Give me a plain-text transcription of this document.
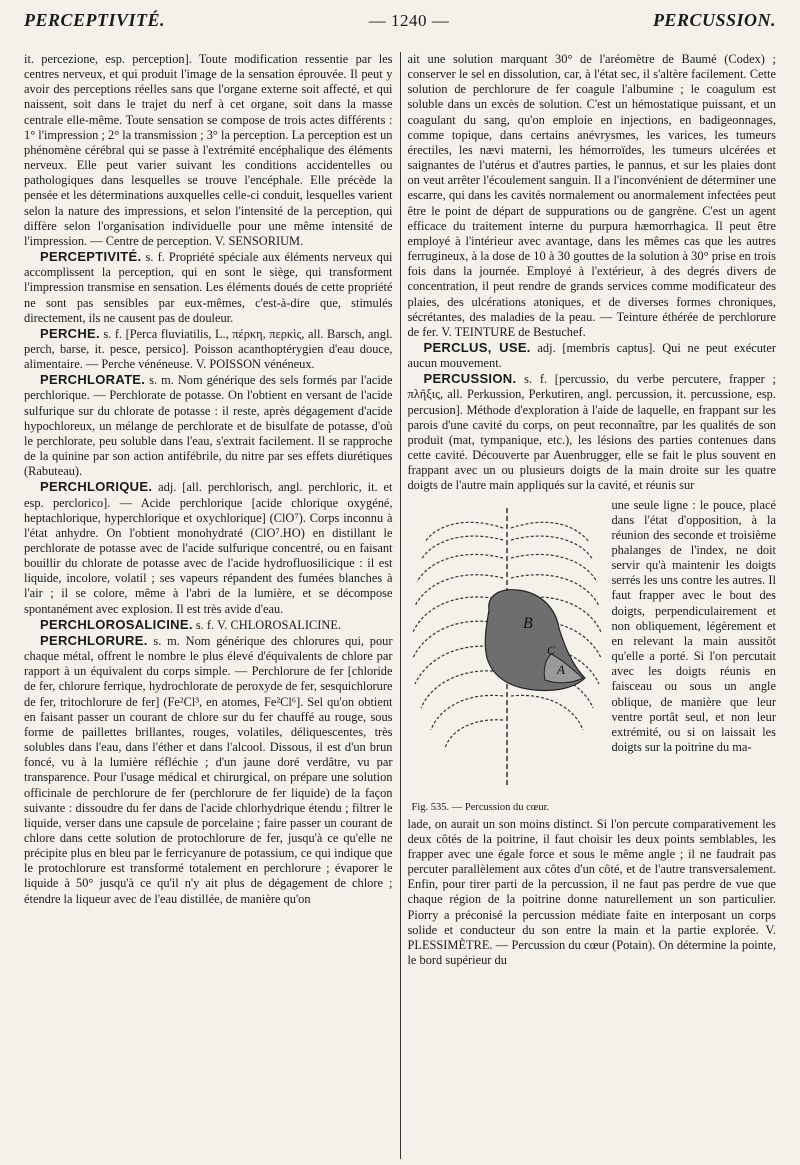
PERCEPTIVITÉ.	— 1240 —	PERCUSSION.

it. percezione, esp. perception]. Toute modification ressentie par les centres nerveux, et qui produit l'image de la sensation éprouvée. Il peut y avoir des perceptions réelles sans que l'organe externe soit affecté, et qui naissent, soit dans le trajet du nerf à cet organe, soit dans la masse centrale elle-même. Toute sensation se compose de trois actes différents : 1° l'impression ; 2° la transmission ; 3° la perception. La perception est un phénomène cérébral qui se passe à l'extrémité encéphalique des éléments nerveux. Elle peut varier suivant les conditions accidentelles ou pathologiques dans lesquelles se trouve l'encéphale. Elle précède la pensée et les déterminations auxquelles celle-ci conduit, lesquelles varient selon la nature des impressions, et selon l'intensité de la perception, qui diffère selon l'organisation individuelle pour une même intensité de l'impression. — Centre de perception. V. SENSORIUM.

PERCEPTIVITÉ. s. f. Propriété spéciale aux éléments nerveux qui accomplissent la perception, qui en sont le siège, qui transforment l'impression transmise en sensation. Les éléments doués de cette propriété ne sont pas sensibles par eux-mêmes, c'est-à-dire que, stimulés directement, ils ne causent pas de douleur.

PERCHE. s. f. [Perca fluviatilis, L., πέρκη, περκὶς, all. Barsch, angl. perch, barse, it. pesce, persico]. Poisson acanthoptérygien d'eau douce, alimentaire. — Perche vénéneuse. V. POISSON vénéneux.

PERCHLORATE. s. m. Nom générique des sels formés par l'acide perchlorique. — Perchlorate de potasse. On l'obtient en versant de l'acide sulfurique sur du chlorate de potasse : il reste, après dégagement d'acide hypochloreux, un mélange de perchlorate et de bisulfate de potasse, d'où le perchlorate, peu soluble dans l'eau, s'extrait facilement. Il se rapproche de la quinine par son action antifébrile, du nitre par ses effets diurétiques (Rabuteau).

PERCHLORIQUE. adj. [all. perchlorisch, angl. perchloric, it. et esp. perclorico]. — Acide perchlorique [acide chlorique oxygéné, heptachlorique, hyperchlorique et oxychlorique] (ClO⁷). Corps inconnu à l'état anhydre. On l'obtient monohydraté (ClO⁷.HO) en distillant le perchlorate de potasse avec de l'acide sulfurique concentré, ou en faisant bouillir du chlorate de potasse avec de l'acide hydrofluosilicique : il est liquide, incolore, volatil ; ses vapeurs répandent des fumées blanches à l'air ; il se colore, même à l'abri de la lumière, et se décompose spontanément avec explosion. Il est très avide d'eau.

PERCHLOROSALICINE. s. f. V. CHLOROSALICINE.

PERCHLORURE. s. m. Nom générique des chlorures qui, pour chaque métal, offrent le nombre le plus élevé d'équivalents de chlore par rapport à un équivalent du corps simple. — Perchlorure de fer [chloride de fer, chlorure ferrique, hydrochlorate de peroxyde de fer, sesquichlorure de fer, tritochlorure de fer] (Fe²Cl³, en atomes, Fe²Cl⁶]. Sel qu'on obtient en faisant passer un courant de chlore sur du fer chauffé au rouge, sous forme de paillettes brillantes, rouges, volatiles, déliquescentes, très solubles dans l'eau, dans l'éther et dans l'alcool. Dissous, il est d'un brun foncé, vu à la lumière réfléchie ; d'un jaune doré verdâtre, vu par transparence. Pour l'usage médical et chirurgical, on prépare une solution officinale de perchlorure de fer (perchlorure de fer liquide) de la façon suivante : dissoudre du fer dans de l'acide chlorhydrique étendu ; filtrer le liquide, verser dans une capsule de porcelaine ; faire passer un courant de chlore dans cette solution de protochlorure de fer, jusqu'à ce qu'elle ne précipite plus en bleu par le ferricyanure de potassium, ce qui indique que le protochlorure est transformé totalement en perchlorure ; évaporer le liquide à 50° jusqu'à ce qu'il n'y ait plus de dégagement de chlore ; étendre la liqueur avec de l'eau distillée, de manière qu'on

ait une solution marquant 30° de l'aréomètre de Baumé (Codex) ; conserver le sel en dissolution, car, à l'état sec, il s'altère facilement. Cette solution de perchlorure de fer coagule l'albumine ; le coagulum est soluble dans un excès de solution. C'est un hémostatique puissant, et un coagulant du sang, qu'on emploie en injections, en badigeonnages, comme topique, dans certains anévrysmes, les varices, les tumeurs érectiles, les nævi materni, les hémorroïdes, les tumeurs ulcérées et saignantes de l'utérus et d'autres parties, le pannus, et sur les plaies dont on veut arrêter l'écoulement sanguin. Il a l'inconvénient de déterminer une escarre, qui dans les cavités normalement ou anormalement infectées peut être le point de départ de suppurations ou de gangrène. C'est un agent efficace du traitement interne du purpura hæmorrhagica. Il peut être employé à l'intérieur avec avantage, dans les mêmes cas que les autres ferrugineux, à la dose de 10 à 30 gouttes de la solution à 30° prise en trois fois dans la journée. Employé à l'extérieur, à des degrés divers de concentration, il peut rendre de grands services comme modificateur des plaies, des ulcérations atoniques, et de diverses formes chroniques, sécrétantes, des maladies de la peau. — Teinture éthérée de perchlorure de fer. V. TEINTURE de Bestuchef.

PERCLUS, USE. adj. [membris captus]. Qui ne peut exécuter aucun mouvement.

PERCUSSION. s. f. [percussio, du verbe percutere, frapper ; πλῆξις, all. Perkussion, Perkutiren, angl. percussion, it. percussione, esp. percusion]. Méthode d'exploration à l'aide de laquelle, en frappant sur les parois d'une cavité du corps, on peut reconnaître, par les qualités de son produit (mat, tympanique, etc.), les lésions des parties contenues dans cette cavité. Découverte par Auenbrugger, elle se fait le plus souvent en frappant avec un ou plusieurs doigts de la main droite sur les quatre doigts de l'autre main appliqués sur la cavité, et réunis sur

B
A
C
Fig. 535. — Percussion du cœur.
une seule ligne : le pouce, placé dans l'état d'opposition, à la réunion des seconde et troisième phalanges de l'index, ne doit servir qu'à maintenir les doigts serrés les uns contre les autres. Il faut frapper avec le bout des doigts, perpendiculairement et non obliquement, légèrement et en relevant la main aussitôt qu'elle a porté. Si l'on percutait avec les doigts réunis en faisceau ou sous un angle oblique, de manière que leur ventre portât seul, et non leur extrémité, ou si on laissait les doigts sur la poitrine du ma-

lade, on aurait un son moins distinct. Si l'on percute comparativement les deux côtés de la poitrine, il faut choisir les deux points semblables, les frapper avec une égale force et sous le même angle ; il ne faudrait pas percuter parallèlement aux côtes d'un côté, et de l'autre transversalement. Enfin, pour tirer parti de la percussion, il ne faut pas perdre de vue que chaque région de la poitrine donne naturellement un son particulier. Piorry a préconisé la percussion médiate faite en interposant un corps solide et conducteur du son entre la main et la partie explorée. V. PLESSIMÈTRE. — Percussion du cœur (Potain). On détermine la pointe, le bord supérieur du
